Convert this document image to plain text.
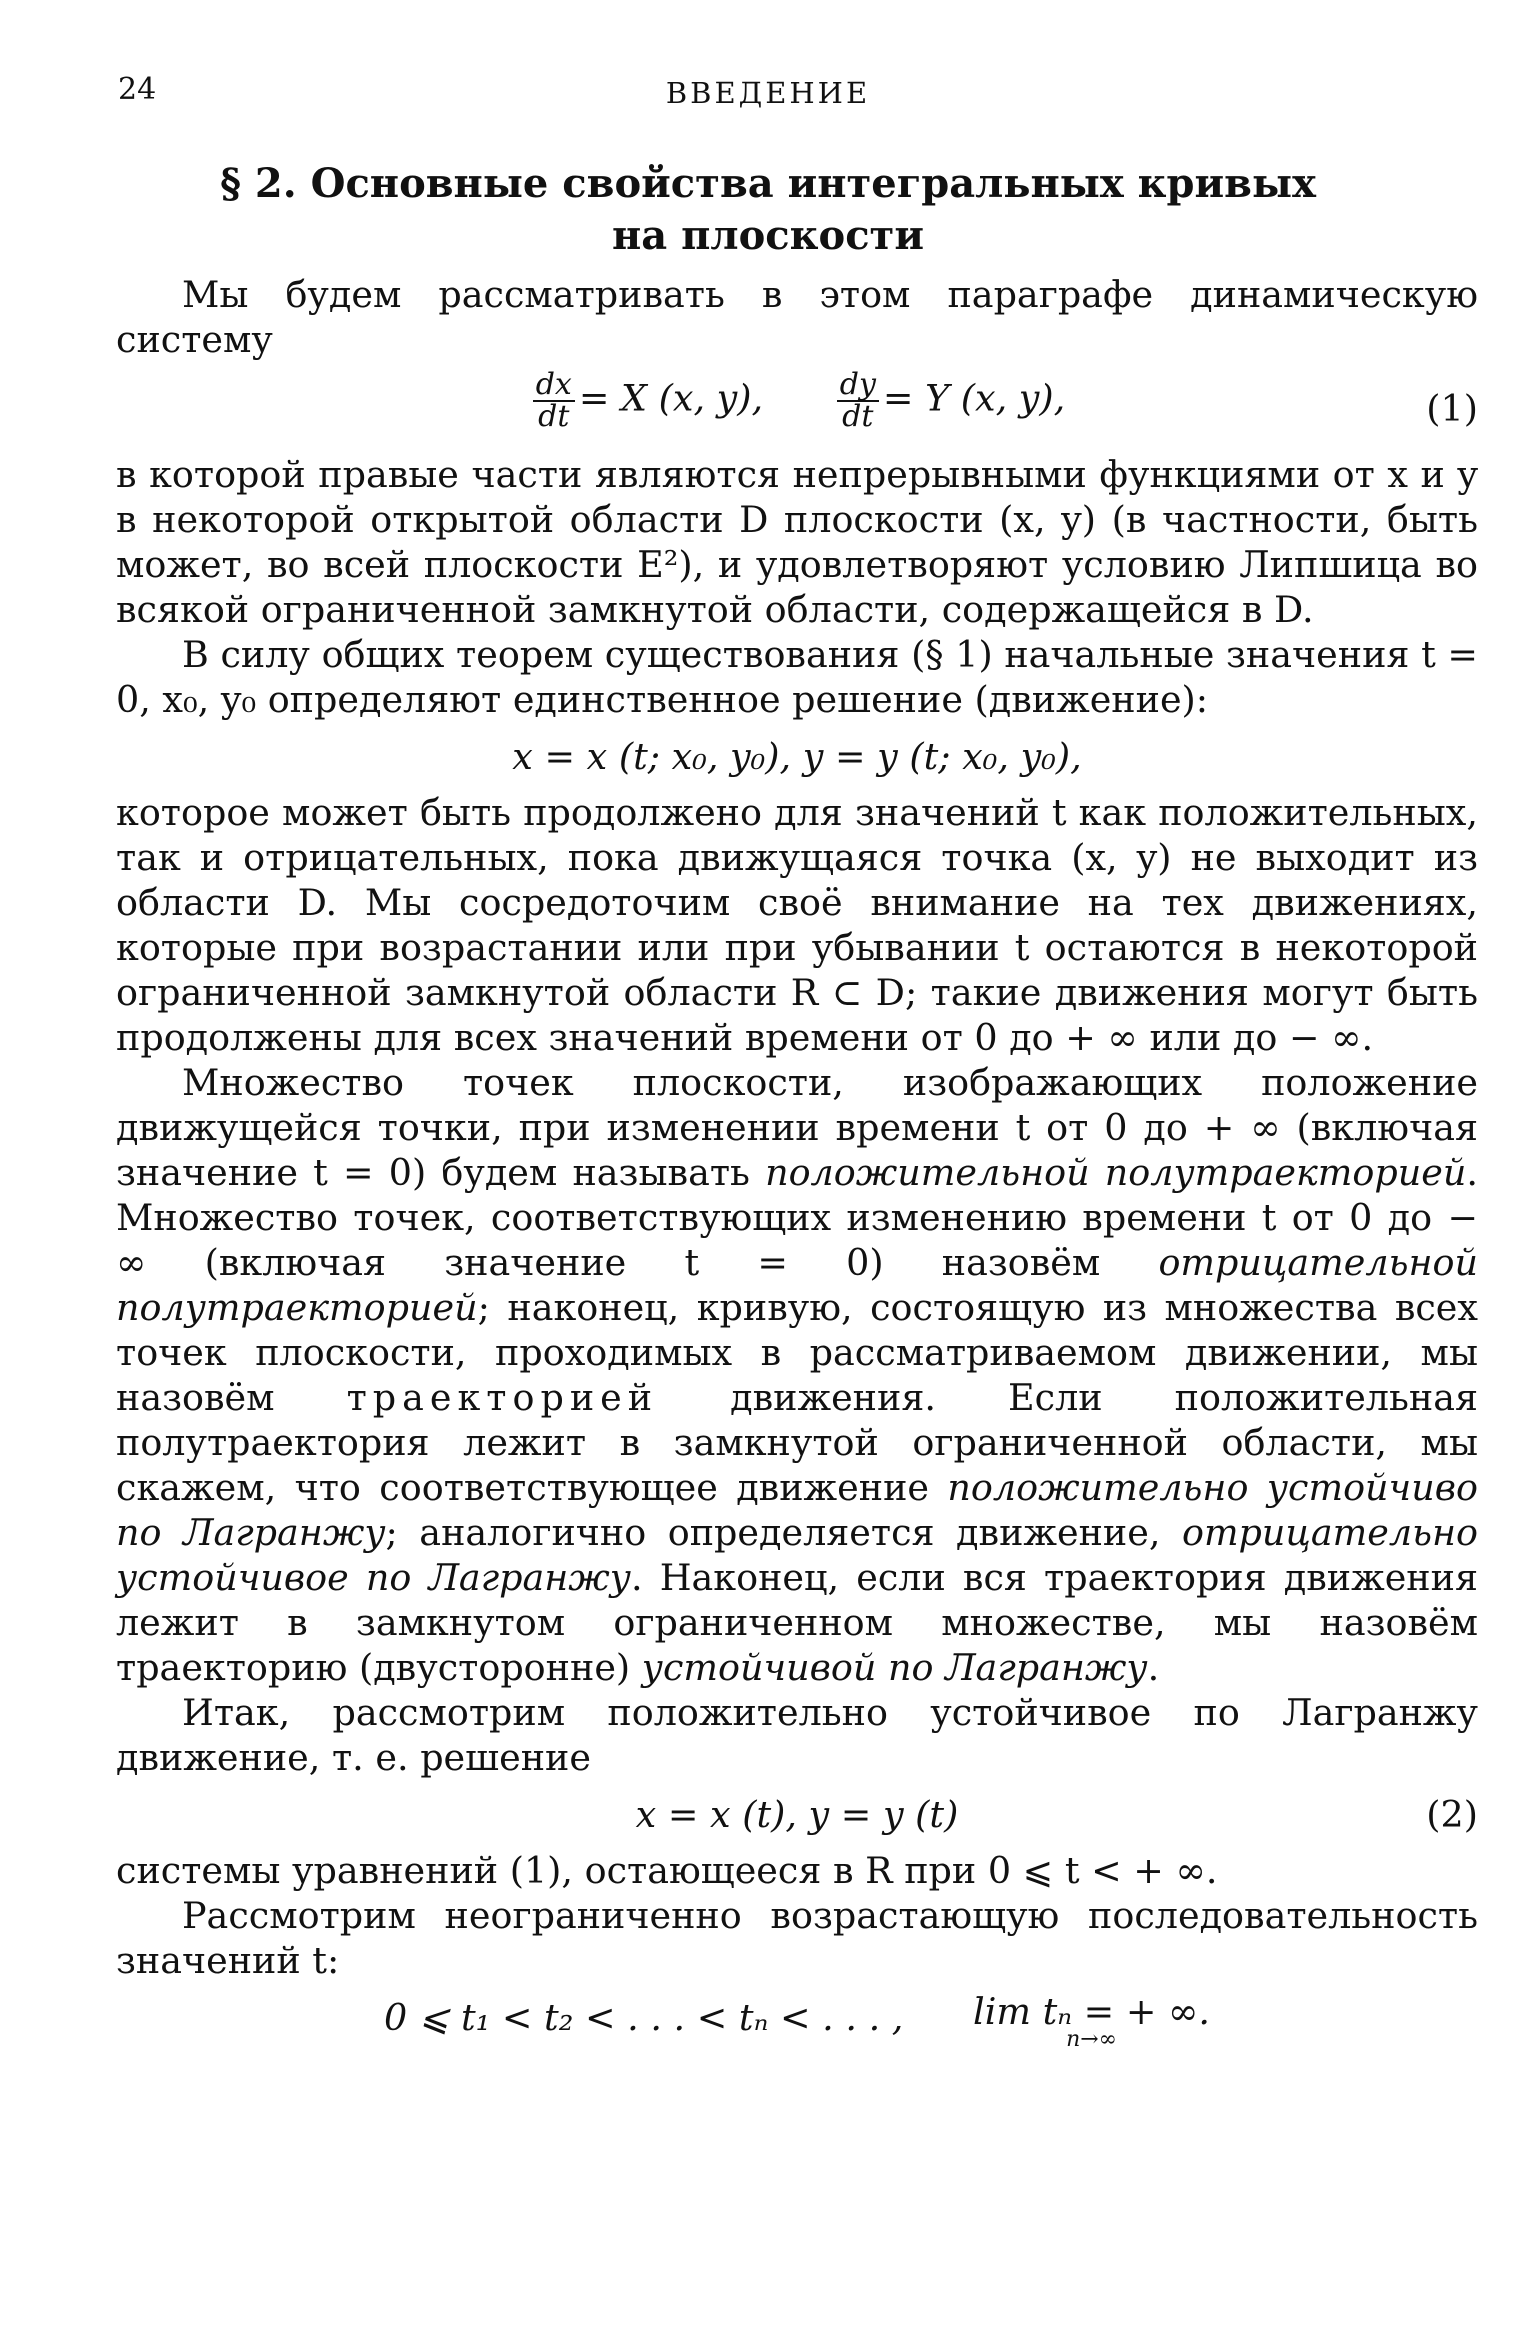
24	ВВЕДЕНИЕ
§ 2. Основные свойства интегральных кривых
на плоскости

Мы будем рассматривать в этом параграфе динамическую систему

$\frac{dx}{dt} = X$ (x, y), $\frac{dy}{dt} = Y$ (x, y),	(1)

в которой правые части являются непрерывными функциями от x и y в некоторой открытой области D плоскости (x, y) (в частности, быть может, во всей плоскости E²), и удовлетворяют условию Липшица во всякой ограниченной замкнутой области, содержащейся в D.

В силу общих теорем существования (§ 1) начальные значения t = 0, x₀, y₀ определяют единственное решение (движение):

x = x (t; x₀, y₀), y = y (t; x₀, y₀),

которое может быть продолжено для значений t как положительных, так и отрицательных, пока движущаяся точка (x, y) не выходит из области D. Мы сосредоточим своё внимание на тех движениях, которые при возрастании или при убывании t остаются в некоторой ограниченной замкнутой области R ⊂ D; такие движения могут быть продолжены для всех значений времени от 0 до + ∞ или до − ∞.

Множество точек плоскости, изображающих положение движущейся точки, при изменении времени t от 0 до + ∞ (включая значение t = 0) будем называть положительной полутраекторией. Множество точек, соответствующих изменению времени t от 0 до − ∞ (включая значение t = 0) назовём отрицательной полутраекторией; наконец, кривую, состоящую из множества всех точек плоскости, проходимых в рассматриваемом движении, мы назовём траекторией движения. Если положительная полутраектория лежит в замкнутой ограниченной области, мы скажем, что соответствующее движение положительно устойчиво по Лагранжу; аналогично определяется движение, отрицательно устойчивое по Лагранжу. Наконец, если вся траектория движения лежит в замкнутом ограниченном множестве, мы назовём траекторию (двусторонне) устойчивой по Лагранжу.

Итак, рассмотрим положительно устойчивое по Лагранжу движение, т. е. решение

x = x (t), y = y (t)	(2)

системы уравнений (1), остающееся в R при 0 ⩽ t < + ∞.

Рассмотрим неограниченно возрастающую последовательность значений t:

0 ⩽ t₁ < t₂ < . . . < tₙ < . . . , lim tₙ = + ∞.
n→∞
